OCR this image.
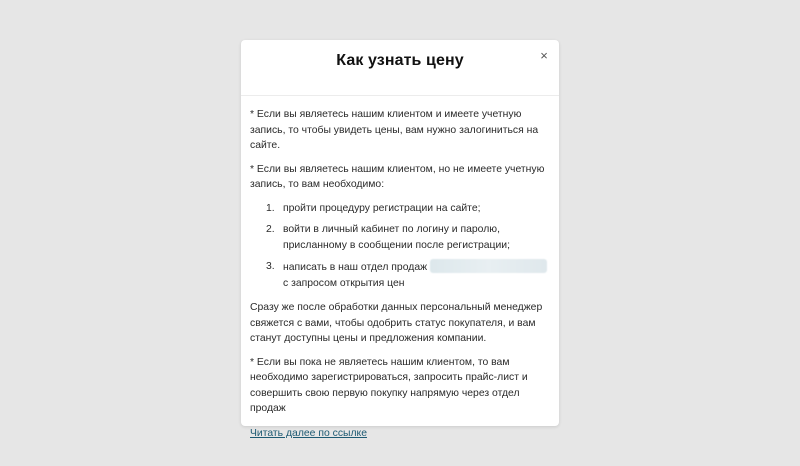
Как узнать цену	×

* Если вы являетесь нашим клиентом и имеете учетную запись, то чтобы увидеть цены, вам нужно залогиниться на сайте.

* Если вы являетесь нашим клиентом, но не имеете учетную запись, то вам необходимо:

1. пройти процедуру регистрации на сайте;
2. войти в личный кабинет по логину и паролю, присланному в сообщении после регистрации;
3. написать в наш отдел продаж  с запросом открытия цен

Сразу же после обработки данных персональный менеджер свяжется с вами, чтобы одобрить статус покупателя, и вам станут доступны цены и предложения компании.

* Если вы пока не являетесь нашим клиентом, то вам необходимо зарегистрироваться, запросить прайс-лист и совершить свою первую покупку напрямую через отдел продаж

Читать далее по ссылке
